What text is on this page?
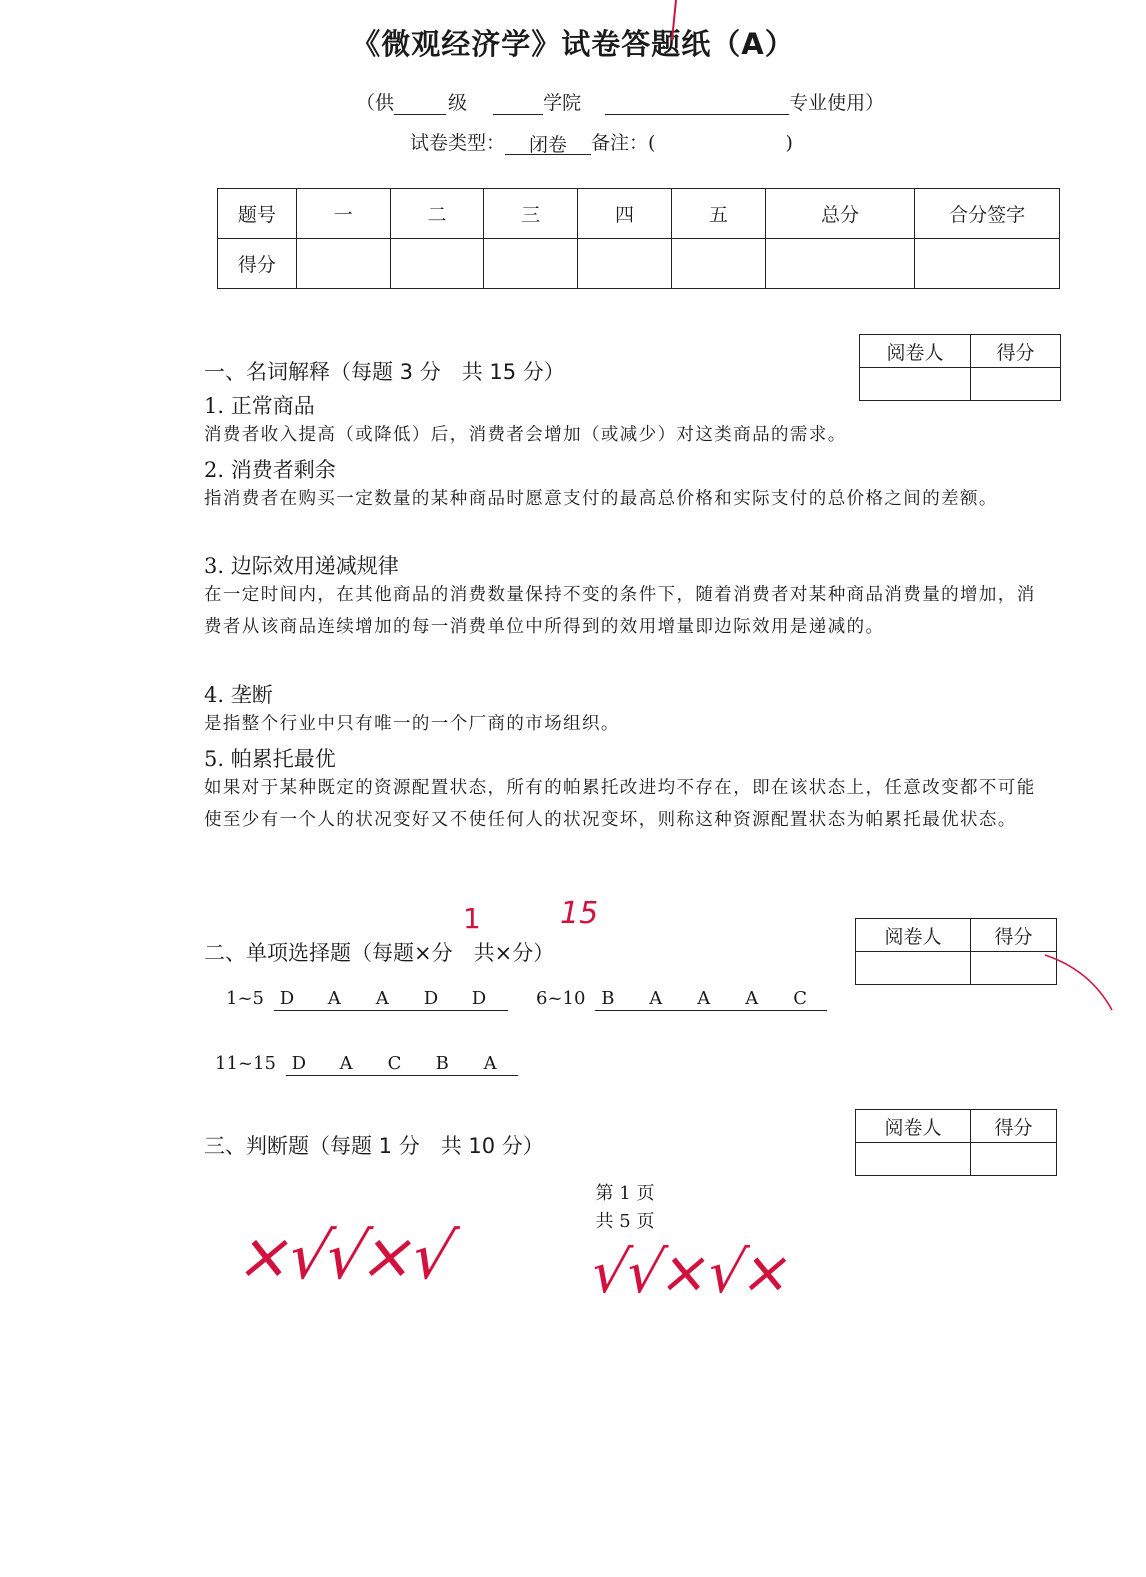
《微观经济学》试卷答题纸（A）
（供	级	学院	专业使用）
试卷类型： 闭卷 备注：(	)
题号	一	二	三	四	五	总分	合分签字
得分							
阅卷人	得分

一、名词解释（每题 3 分　共 15 分）
1. 正常商品
消费者收入提高（或降低）后，消费者会增加（或减少）对这类商品的需求。
2. 消费者剩余
指消费者在购买一定数量的某种商品时愿意支付的最高总价格和实际支付的总价格之间的差额。
3. 边际效用递减规律
在一定时间内，在其他商品的消费数量保持不变的条件下，随着消费者对某种商品消费量的增加，消费者从该商品连续增加的每一消费单位中所得到的效用增量即边际效用是递减的。
4. 垄断
是指整个行业中只有唯一的一个厂商的市场组织。
5. 帕累托最优
如果对于某种既定的资源配置状态，所有的帕累托改进均不存在，即在该状态上，任意改变都不可能使至少有一个人的状况变好又不使任何人的状况变坏，则称这种资源配置状态为帕累托最优状态。
阅卷人	得分

二、单项选择题（每题×分　共×分）
1	15
1~5 D A A D D	6~10 B A A A C
11~15 D A C B A
阅卷人	得分

三、判断题（每题 1 分　共 10 分）
第 1 页
共 5 页
×√√×√ √√×√×
